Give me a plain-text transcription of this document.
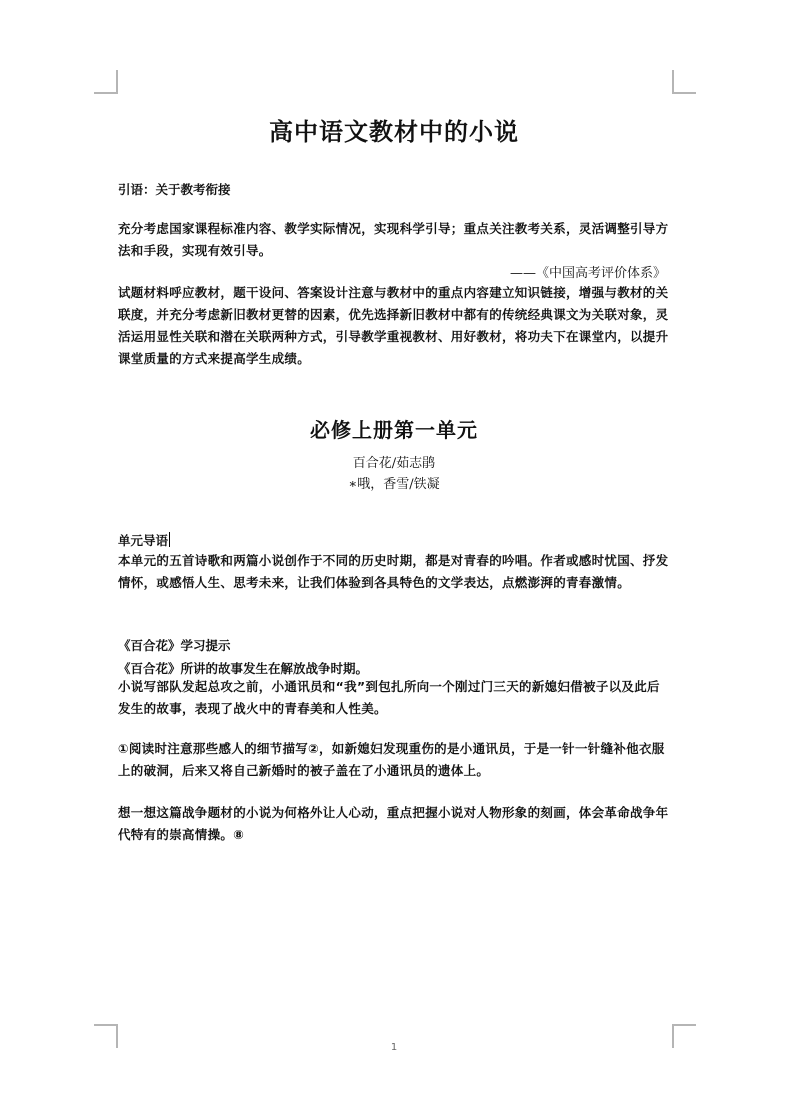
高中语文教材中的小说
引语：关于教考衔接
充分考虑国家课程标准内容、教学实际情况，实现科学引导；重点关注教考关系，灵活调整引导方法和手段，实现有效引导。
——《中国高考评价体系》
试题材料呼应教材，题干设问、答案设计注意与教材中的重点内容建立知识链接，增强与教材的关联度，并充分考虑新旧教材更替的因素，优先选择新旧教材中都有的传统经典课文为关联对象，灵活运用显性关联和潜在关联两种方式，引导教学重视教材、用好教材，将功夫下在课堂内，以提升课堂质量的方式来提高学生成绩。
必修上册第一单元
百合花/茹志鹃
∗哦，香雪/铁凝
单元导语
本单元的五首诗歌和两篇小说创作于不同的历史时期，都是对青春的吟唱。作者或感时忧国、抒发情怀，或感悟人生、思考未来，让我们体验到各具特色的文学表达，点燃澎湃的青春激情。
《百合花》学习提示
《百合花》所讲的故事发生在解放战争时期。
小说写部队发起总攻之前，小通讯员和“我”到包扎所向一个刚过门三天的新媳妇借被子以及此后发生的故事，表现了战火中的青春美和人性美。
①阅读时注意那些感人的细节描写②，如新媳妇发现重伤的是小通讯员，于是一针一针缝补他衣服上的破洞，后来又将自己新婚时的被子盖在了小通讯员的遗体上。
想一想这篇战争题材的小说为何格外让人心动，重点把握小说对人物形象的刻画，体会革命战争年代特有的崇高情操。⑧
1
